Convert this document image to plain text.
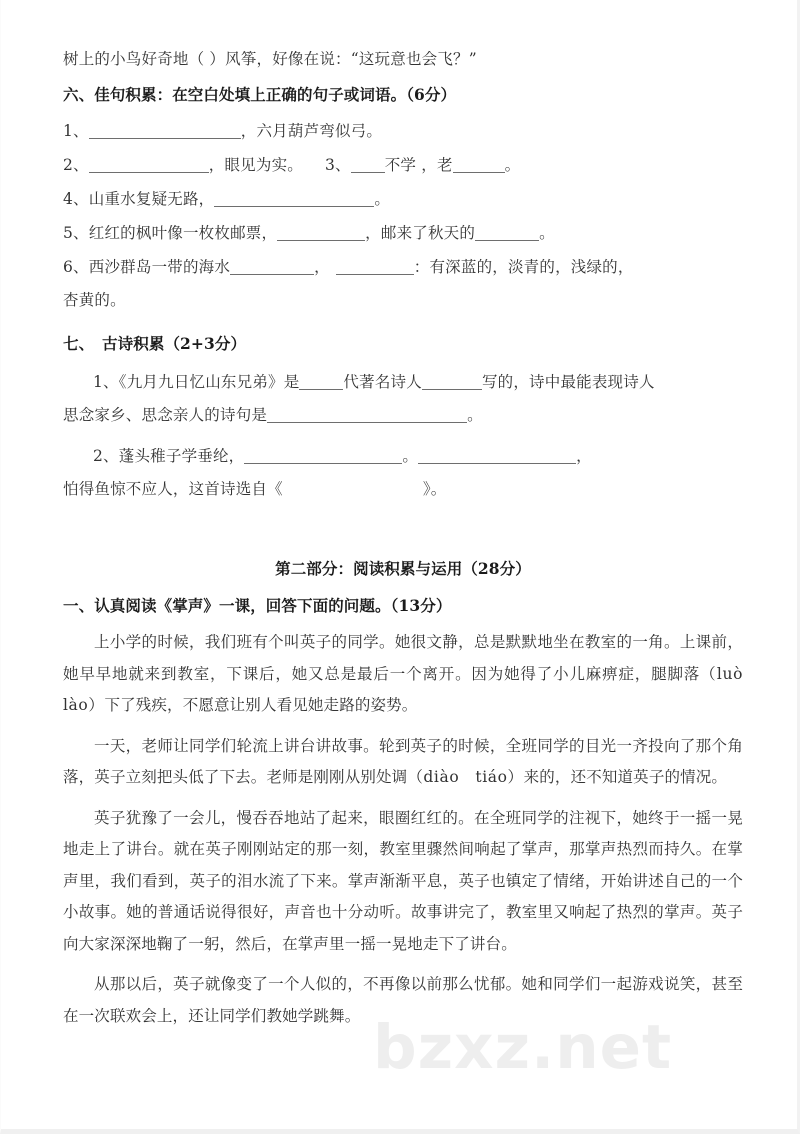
bzxz.net
树上的小鸟好奇地（ ）风筝，好像在说：“这玩意也会飞？”
六、佳句积累：在空白处填上正确的句子或词语。（6分）
1、	，六月葫芦弯似弓。
2、	，眼见为实。 3、 不学 ，老	。
4、山重水复疑无路，	。
5、红红的枫叶像一枚枚邮票，	，邮来了秋天的	。
6、西沙群岛一带的海水	，	：有深蓝的，淡青的，浅绿的，
杏黄的。
七、　古诗积累（2+3分）
1、《九月九日忆山东兄弟》是	代著名诗人	写的，诗中最能表现诗人
思念家乡、思念亲人的诗句是	。
2、蓬头稚子学垂纶，	。	，
怕得鱼惊不应人，这首诗选自《	》。
第二部分：阅读积累与运用（28分）
一、认真阅读《掌声》一课，回答下面的问题。（13分）
上小学的时候，我们班有个叫英子的同学。她很文静，总是默默地坐在教室的一角。上课前，她早早地就来到教室，下课后，她又总是最后一个离开。因为她得了小儿麻痹症，腿脚落（luò　lào）下了残疾，不愿意让别人看见她走路的姿势。
一天，老师让同学们轮流上讲台讲故事。轮到英子的时候，全班同学的目光一齐投向了那个角落，英子立刻把头低了下去。老师是刚刚从别处调（diào　tiáo）来的，还不知道英子的情况。
英子犹豫了一会儿，慢吞吞地站了起来，眼圈红红的。在全班同学的注视下，她终于一摇一晃地走上了讲台。就在英子刚刚站定的那一刻，教室里骤然间响起了掌声，那掌声热烈而持久。在掌声里，我们看到，英子的泪水流了下来。掌声渐渐平息，英子也镇定了情绪，开始讲述自己的一个小故事。她的普通话说得很好，声音也十分动听。故事讲完了，教室里又响起了热烈的掌声。英子向大家深深地鞠了一躬，然后，在掌声里一摇一晃地走下了讲台。
从那以后，英子就像变了一个人似的，不再像以前那么忧郁。她和同学们一起游戏说笑，甚至在一次联欢会上，还让同学们教她学跳舞。
